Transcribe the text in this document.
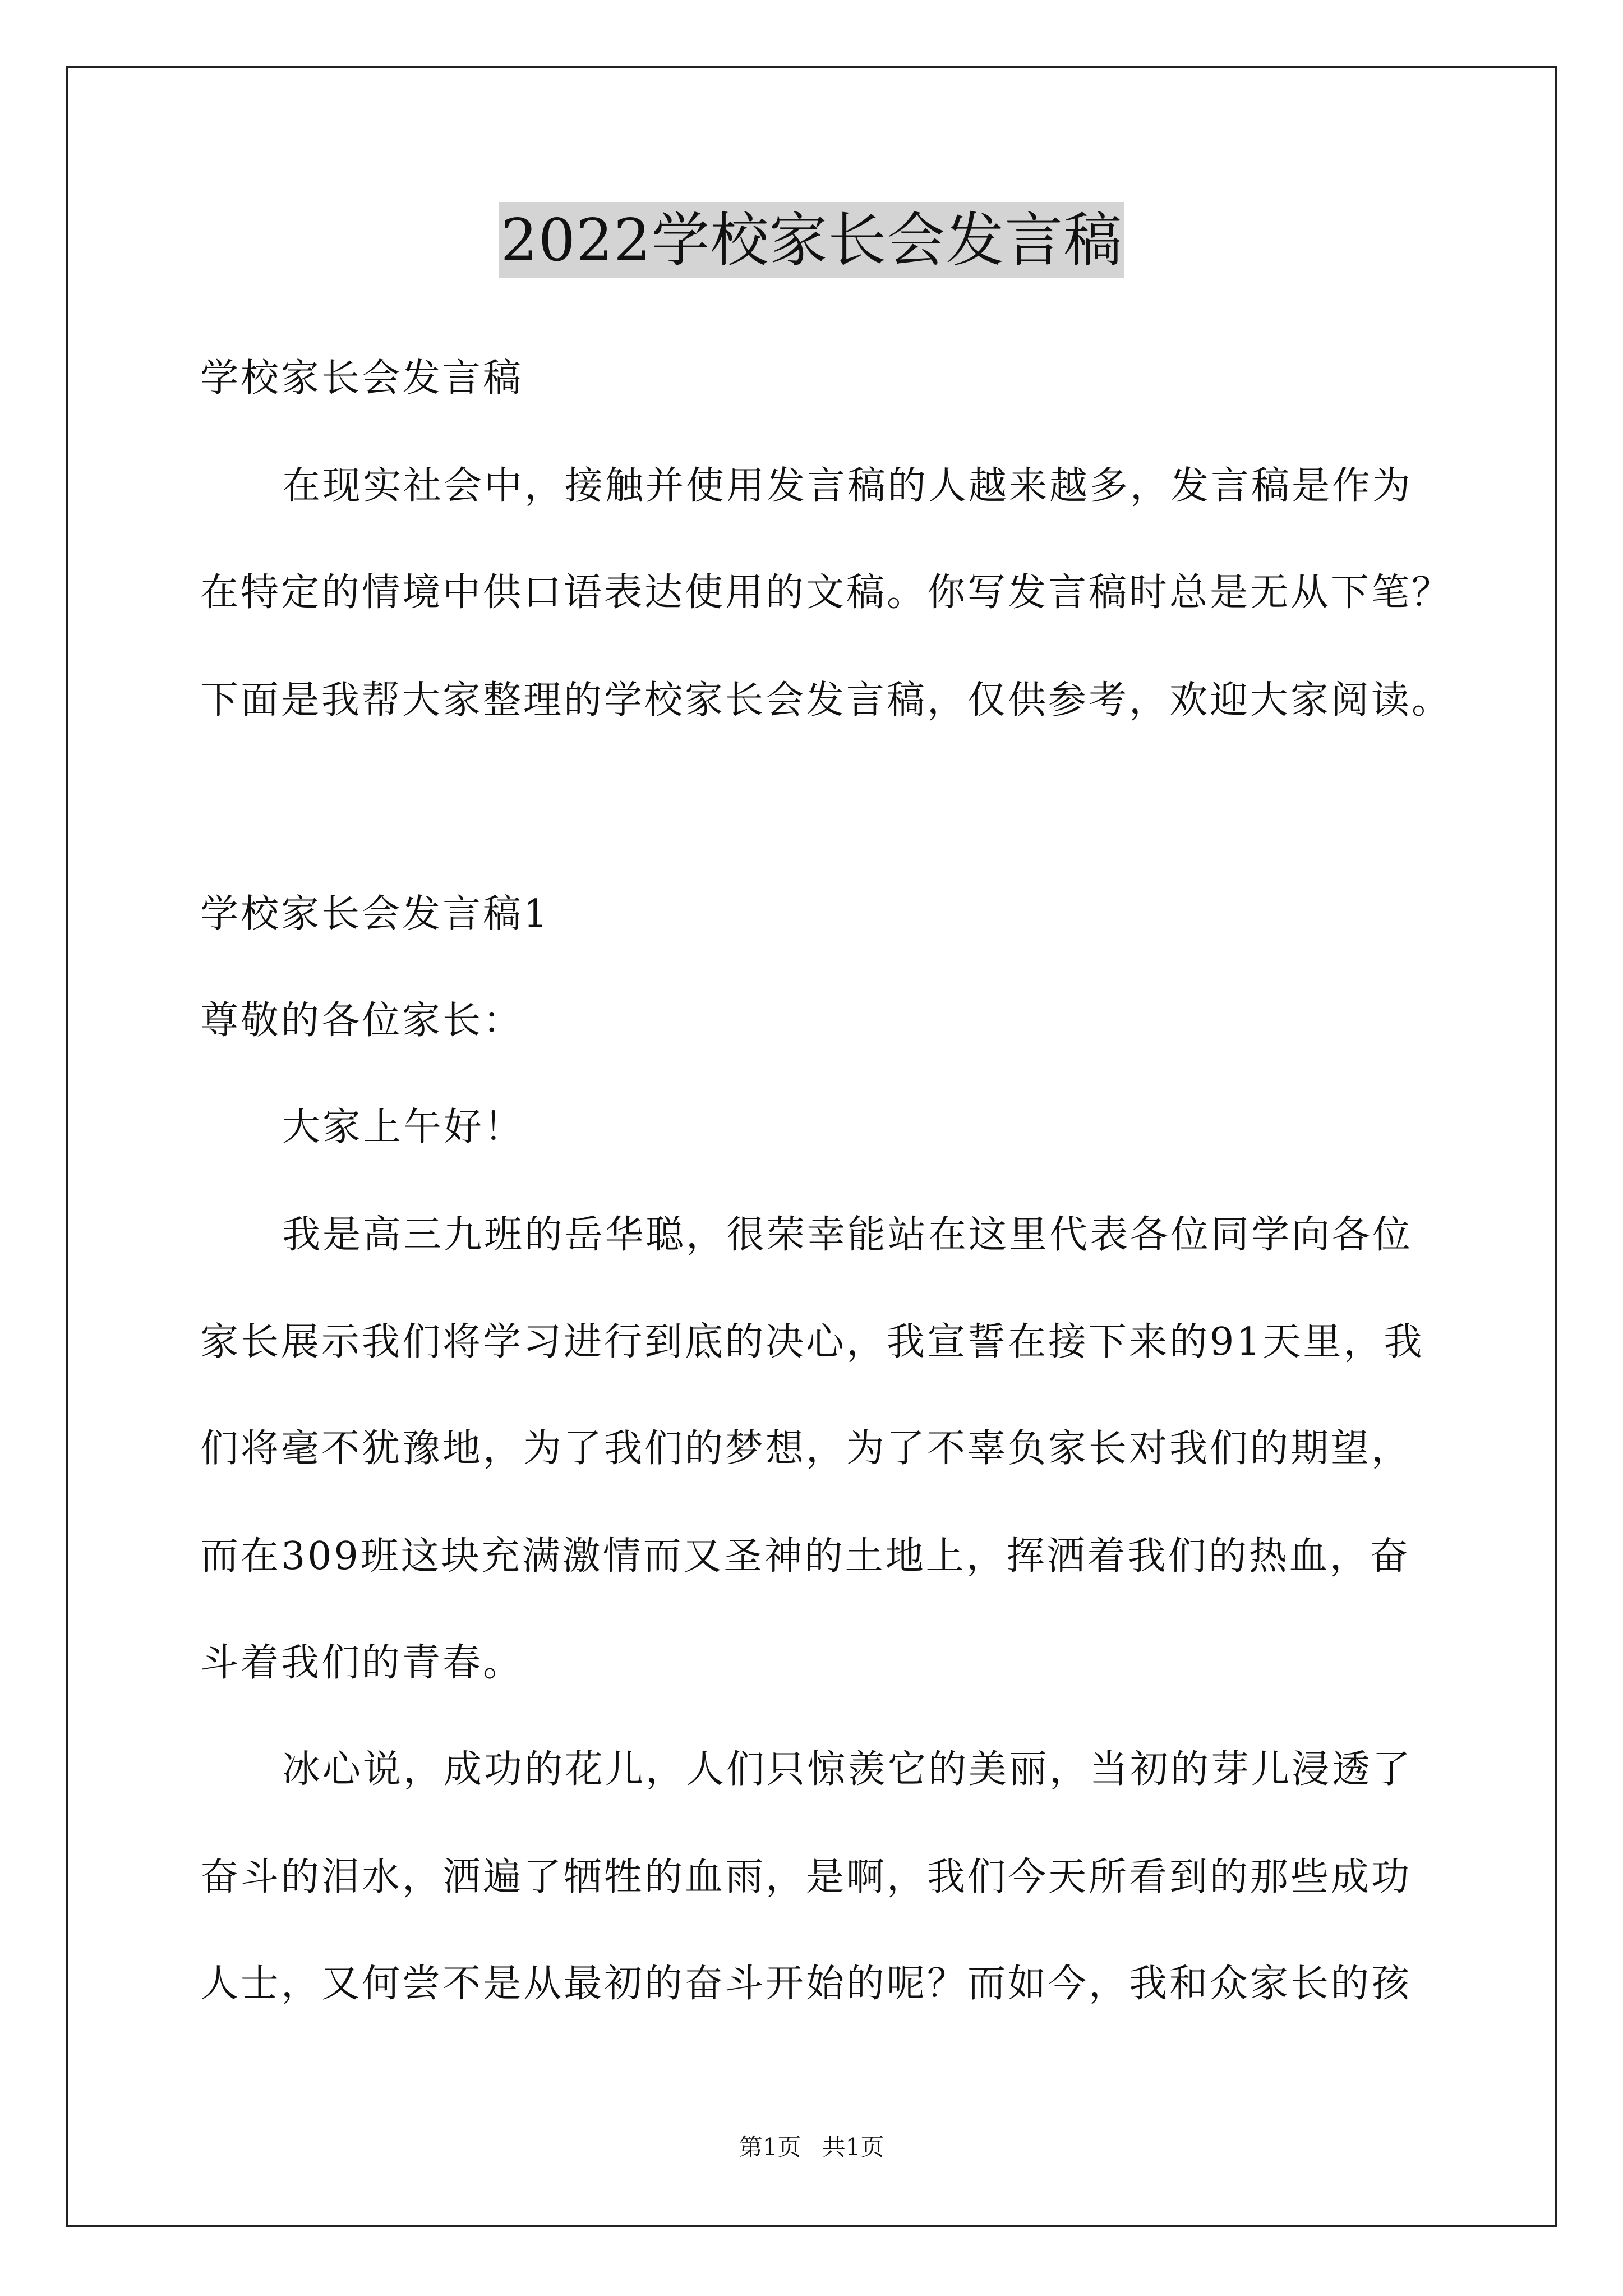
2022学校家长会发言稿
学校家长会发言稿
在现实社会中，接触并使用发言稿的人越来越多，发言稿是作为
在特定的情境中供口语表达使用的文稿。你写发言稿时总是无从下笔？
下面是我帮大家整理的学校家长会发言稿，仅供参考，欢迎大家阅读。
学校家长会发言稿1
尊敬的各位家长：
大家上午好！
我是高三九班的岳华聪，很荣幸能站在这里代表各位同学向各位
家长展示我们将学习进行到底的决心，我宣誓在接下来的91天里，我
们将毫不犹豫地，为了我们的梦想，为了不辜负家长对我们的期望，
而在309班这块充满激情而又圣神的土地上，挥洒着我们的热血，奋
斗着我们的青春。
冰心说，成功的花儿，人们只惊羡它的美丽，当初的芽儿浸透了
奋斗的泪水，洒遍了牺牲的血雨，是啊，我们今天所看到的那些成功
人士，又何尝不是从最初的奋斗开始的呢？而如今，我和众家长的孩
第1页 共1页
